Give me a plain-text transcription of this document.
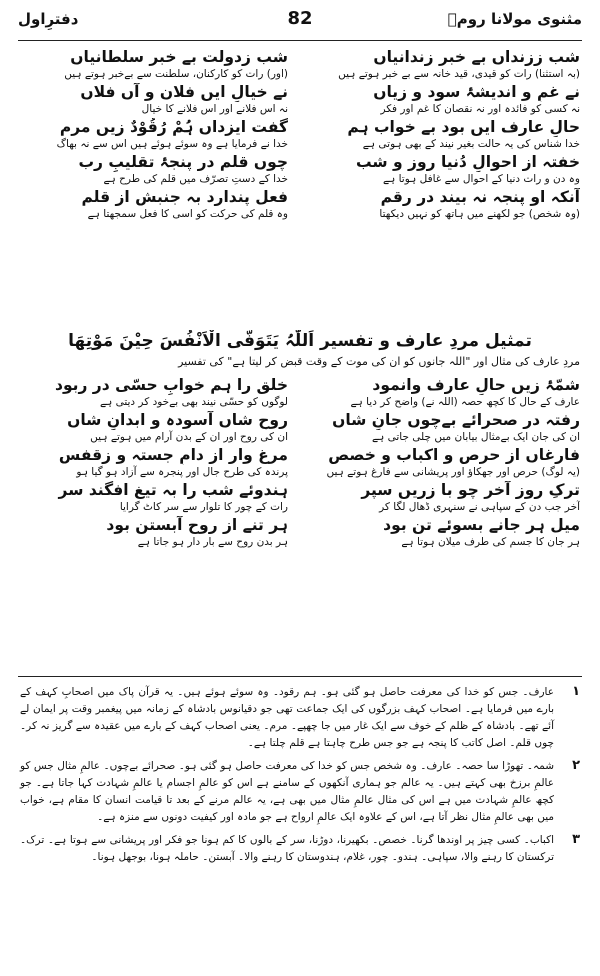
مثنوی مولانا رومؒ
82
دفترِاول
شب زِزنداں بے خبر زندانیاں
(بہ استثنا) رات کو قیدی، قید خانہ سے بے خبر ہوتے ہیں
نے غمِ و اندیشۂ سود و زیاں
نہ کسی کو فائدہ اور نہ نقصان کا غم اور فکر
حالِ عارف ایں بود بے خواب ہم
خدا شناس کی یہ حالت بغیر نیند کے بھی ہوتی ہے
خفتہ از احوالِ دُنیا روز و شب
وہ دن و رات دنیا کے احوال سے غافل ہوتا ہے
آنکہ او پنجہ نہ بیند در رقم
(وہ شخص) جو لکھنے میں ہاتھ کو نہیں دیکھتا
شب زِدولت بے خبر سلطانیاں
(اور) رات کو کارکنان، سلطنت سے بےخبر ہوتے ہیں
نے خیالِ ایں فلان و آں فلاں
نہ اس فلانے اور اس فلانے کا خیال
گفت ایزداں ہُمْ رُقُوْدٌ زیں مرم
خدا نے فرمایا ہے وہ سوئے ہوئے ہیں اس سے نہ بھاگ
چوں قلم در پنجۂ تقلیبِ رب
خدا کے دستِ تصرّف میں قلم کی طرح ہے
فعل پندارد بہ جنبش از قلم
وہ قلم کی حرکت کو اسی کا فعل سمجھتا ہے
تمثیل مردِ عارف و تفسیر اَللّٰہُ یَتَوَفَّی الْاَنْفُسَ حِیْنَ مَوْتِھَا
مردِ عارف کی مثال اور "اللہ جانوں کو ان کی موت کے وقت قبض کر لیتا ہے" کی تفسیر
شمّۂ زیں حالِ عارف وانمود
عارف کے حال کا کچھ حصہ (اللہ نے) واضح کر دیا ہے
رفتہ در صحرائے بےچوں جانِ شاں
ان کی جان ایک بےمثال بیابان میں چلی جاتی ہے
فارغاں از حرص و اکباب و خصص
(یہ لوگ) حرص اور جھکاؤ اور پریشانی سے فارغ ہوتے ہیں
ترکِ روز آخر چو با زریں سپر
آخر جب دن کے سپاہی نے سنہری ڈھال لگا کر
میل ہر جانے بسوئے تن بود
ہر جان کا جسم کی طرف میلان ہوتا ہے
خلق را ہم خوابِ حسّی در ربود
لوگوں کو حسّی نیند بھی بےخود کر دیتی ہے
روحِ شاں آسودہ و ابدانِ شاں
ان کی روح اور ان کے بدن آرام میں ہوتے ہیں
مرغ وار از دامِ جستہ و زقفس
پرندہ کی طرح جال اور پنجرہ سے آزاد ہو گیا ہو
ہندوئے شب را بہ تیغ افگند سر
رات کے چور کا تلوار سے سر کاٹ گرایا
ہر تنے از روح آبستن بود
ہر بدن روح سے بار دار ہو جاتا ہے
۱

عارف۔ جس کو خدا کی معرفت حاصل ہو گئی ہو۔ ہم رقود۔ وہ سوئے ہوئے ہیں۔ یہ قرآن پاک میں اصحابِ کہف کے بارے میں فرمایا ہے۔ اصحاب کہف بزرگوں کی ایک جماعت تھی جو دقیانوس بادشاہ کے زمانہ میں پیغمبر وقت پر ایمان لے آئے تھے۔ بادشاہ کے ظلم کے خوف سے ایک غار میں جا چھپے۔ مرم۔ یعنی اصحاب کہف کے بارے میں عقیدہ سے گریز نہ کر۔ چوں قلم۔ اصل کاتب کا پنجہ ہے جو جس طرح چاہتا ہے قلم چلتا ہے۔

۲

شمہ۔ تھوڑا سا حصہ۔ عارف۔ وہ شخص جس کو خدا کی معرفت حاصل ہو گئی ہو۔ صحرائے بےچوں۔ عالمِ مثال جس کو عالمِ برزخ بھی کہتے ہیں۔ یہ عالم جو ہماری آنکھوں کے سامنے ہے اس کو عالمِ اجسام یا عالمِ شہادت کہا جاتا ہے۔ جو کچھ عالمِ شہادت میں ہے اس کی مثال عالمِ مثال میں بھی ہے، یہ عالم مرنے کے بعد تا قیامت انسان کا مقام ہے، خواب میں بھی عالمِ مثال نظر آتا ہے، اس کے علاوہ ایک عالمِ ارواح ہے جو مادہ اور کیفیت دونوں سے منزہ ہے۔

۳

اکباب۔ کسی چیز پر اوندھا گرنا۔ خصص۔ بکھیرنا، دوڑنا، سر کے بالوں کا کم ہونا جو فکر اور پریشانی سے ہوتا ہے۔ ترک۔ ترکستان کا رہنے والا، سپاہی۔ ہندو۔ چور، غلام، ہندوستان کا رہنے والا۔ آبستن۔ حاملہ ہونا، بوجھل ہونا۔
